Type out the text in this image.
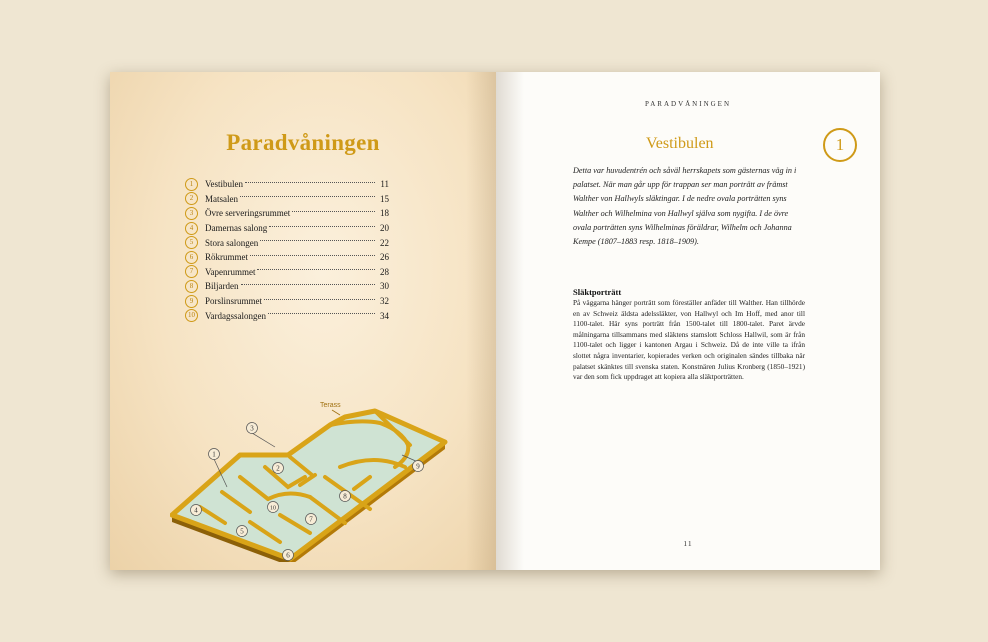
Paradvåningen
1	Vestibulen	11
2	Matsalen	15
3	Övre serveringsrummet	18
4	Damernas salong	20
5	Stora salongen	22
6	Rökrummet	26
7	Vapenrummet	28
8	Biljarden	30
9	Porslinsrummet	32
10	Vardagssalongen	34
Terass
1
2
3
4
5
6
7
8
9
10
PARADVÅNINGEN
Vestibulen	1
Detta var huvudentrén och såväl herrskapets som gästernas väg in i palatset. När man går upp för trappan ser man porträtt av främst Walther von Hallwyls släktingar. I de nedre ovala porträtten syns Walther och Wilhelmina von Hallwyl själva som nygifta. I de övre ovala porträtten syns Wilhelminas föräldrar, Wilhelm och Johanna Kempe (1807–1883 resp. 1818–1909).
Släktporträtt
På väggarna hänger porträtt som föreställer anfäder till Walther. Han tillhörde en av Schweiz äldsta adelssläkter, von Hallwyl och Im Hoff, med anor till 1100-talet. Här syns porträtt från 1500-talet till 1800-talet. Paret ärvde målningarna tillsammans med släktens stamslott Schloss Hallwil, som är från 1100-talet och ligger i kantonen Argau i Schweiz. Då de inte ville ta ifrån slottet några inventarier, kopierades verken och originalen sändes tillbaka när palatset skänktes till svenska staten. Konstnären Julius Kronberg (1850–1921) var den som fick uppdraget att kopiera alla släktporträtten.
11
